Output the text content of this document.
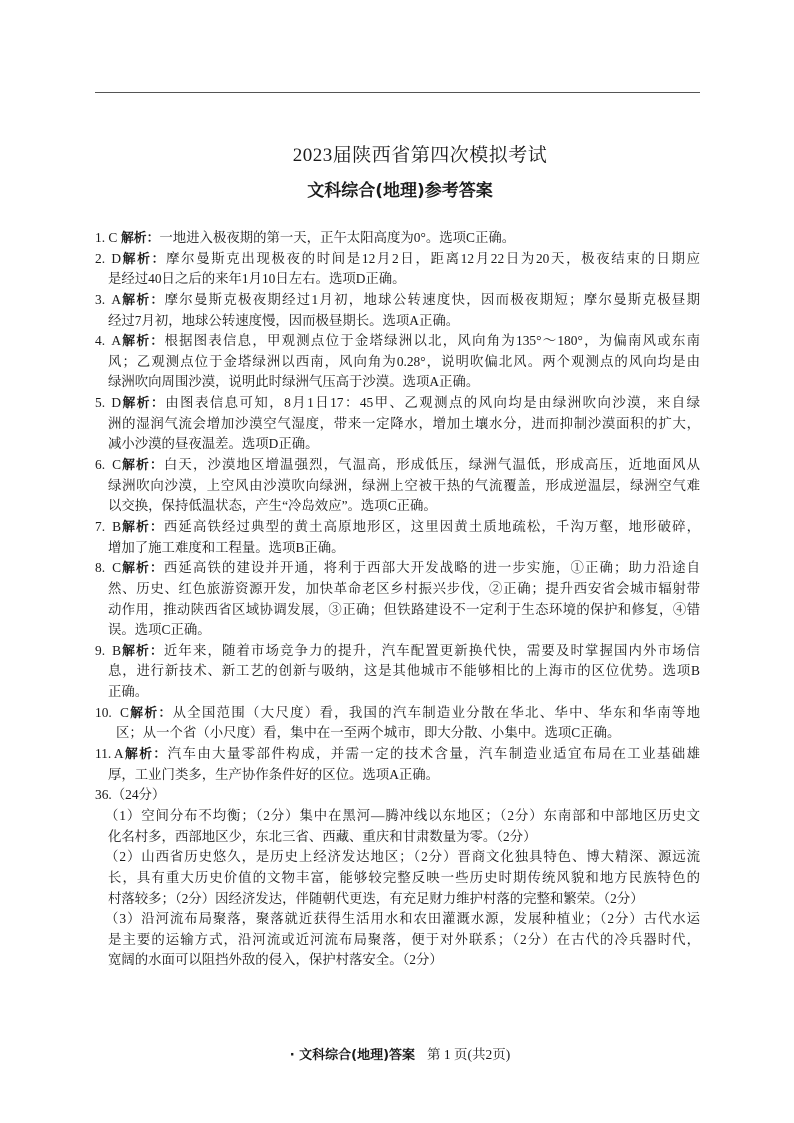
2023届陕西省第四次模拟考试
文科综合(地理)参考答案
1. C 解析：一地进入极夜期的第一天，正午太阳高度为0°。选项C正确。
2. D解析：摩尔曼斯克出现极夜的时间是12月2日，距离12月22日为20天，极夜结束的日期应
是经过40日之后的来年1月10日左右。选项D正确。
3. A解析：摩尔曼斯克极夜期经过1月初，地球公转速度快，因而极夜期短；摩尔曼斯克极昼期
经过7月初，地球公转速度慢，因而极昼期长。选项A正确。
4. A解析：根据图表信息，甲观测点位于金塔绿洲以北，风向角为135°～180°，为偏南风或东南
风；乙观测点位于金塔绿洲以西南，风向角为0.28°，说明吹偏北风。两个观测点的风向均是由
绿洲吹向周围沙漠，说明此时绿洲气压高于沙漠。选项A正确。
5. D解析：由图表信息可知，8月1日17：45甲、乙观测点的风向均是由绿洲吹向沙漠，来自绿
洲的湿润气流会增加沙漠空气湿度，带来一定降水，增加土壤水分，进而抑制沙漠面积的扩大，
减小沙漠的昼夜温差。选项D正确。
6. C解析：白天，沙漠地区增温强烈，气温高，形成低压，绿洲气温低，形成高压，近地面风从
绿洲吹向沙漠，上空风由沙漠吹向绿洲，绿洲上空被干热的气流覆盖，形成逆温层，绿洲空气难
以交换，保持低温状态，产生“冷岛效应”。选项C正确。
7. B解析：西延高铁经过典型的黄土高原地形区，这里因黄土质地疏松，千沟万壑，地形破碎，
增加了施工难度和工程量。选项B正确。
8. C解析：西延高铁的建设并开通，将利于西部大开发战略的进一步实施，①正确；助力沿途自
然、历史、红色旅游资源开发，加快革命老区乡村振兴步伐，②正确；提升西安省会城市辐射带
动作用，推动陕西省区域协调发展，③正确；但铁路建设不一定利于生态环境的保护和修复，④错
误。选项C正确。
9. B解析：近年来，随着市场竞争力的提升，汽车配置更新换代快，需要及时掌握国内外市场信
息，进行新技术、新工艺的创新与吸纳，这是其他城市不能够相比的上海市的区位优势。选项B
正确。
10. C解析：从全国范围（大尺度）看，我国的汽车制造业分散在华北、华中、华东和华南等地
区；从一个省（小尺度）看，集中在一至两个城市，即大分散、小集中。选项C正确。
11. A解析：汽车由大量零部件构成，并需一定的技术含量，汽车制造业适宜布局在工业基础雄
厚，工业门类多，生产协作条件好的区位。选项A正确。
36.（24分）
（1）空间分布不均衡；（2分）集中在黑河—腾冲线以东地区；（2分）东南部和中部地区历史文
化名村多，西部地区少，东北三省、西藏、重庆和甘肃数量为零。（2分）
（2）山西省历史悠久，是历史上经济发达地区；（2分）晋商文化独具特色、博大精深、源远流
长，具有重大历史价值的文物丰富，能够较完整反映一些历史时期传统风貌和地方民族特色的
村落较多；（2分）因经济发达，伴随朝代更迭，有充足财力维护村落的完整和繁荣。（2分）
（3）沿河流布局聚落，聚落就近获得生活用水和农田灌溉水源，发展种植业；（2分）古代水运
是主要的运输方式，沿河流或近河流布局聚落，便于对外联系；（2分）在古代的冷兵器时代，
宽阔的水面可以阻挡外敌的侵入，保护村落安全。（2分）
· 文科综合(地理)答案 第 1 页(共2页)
